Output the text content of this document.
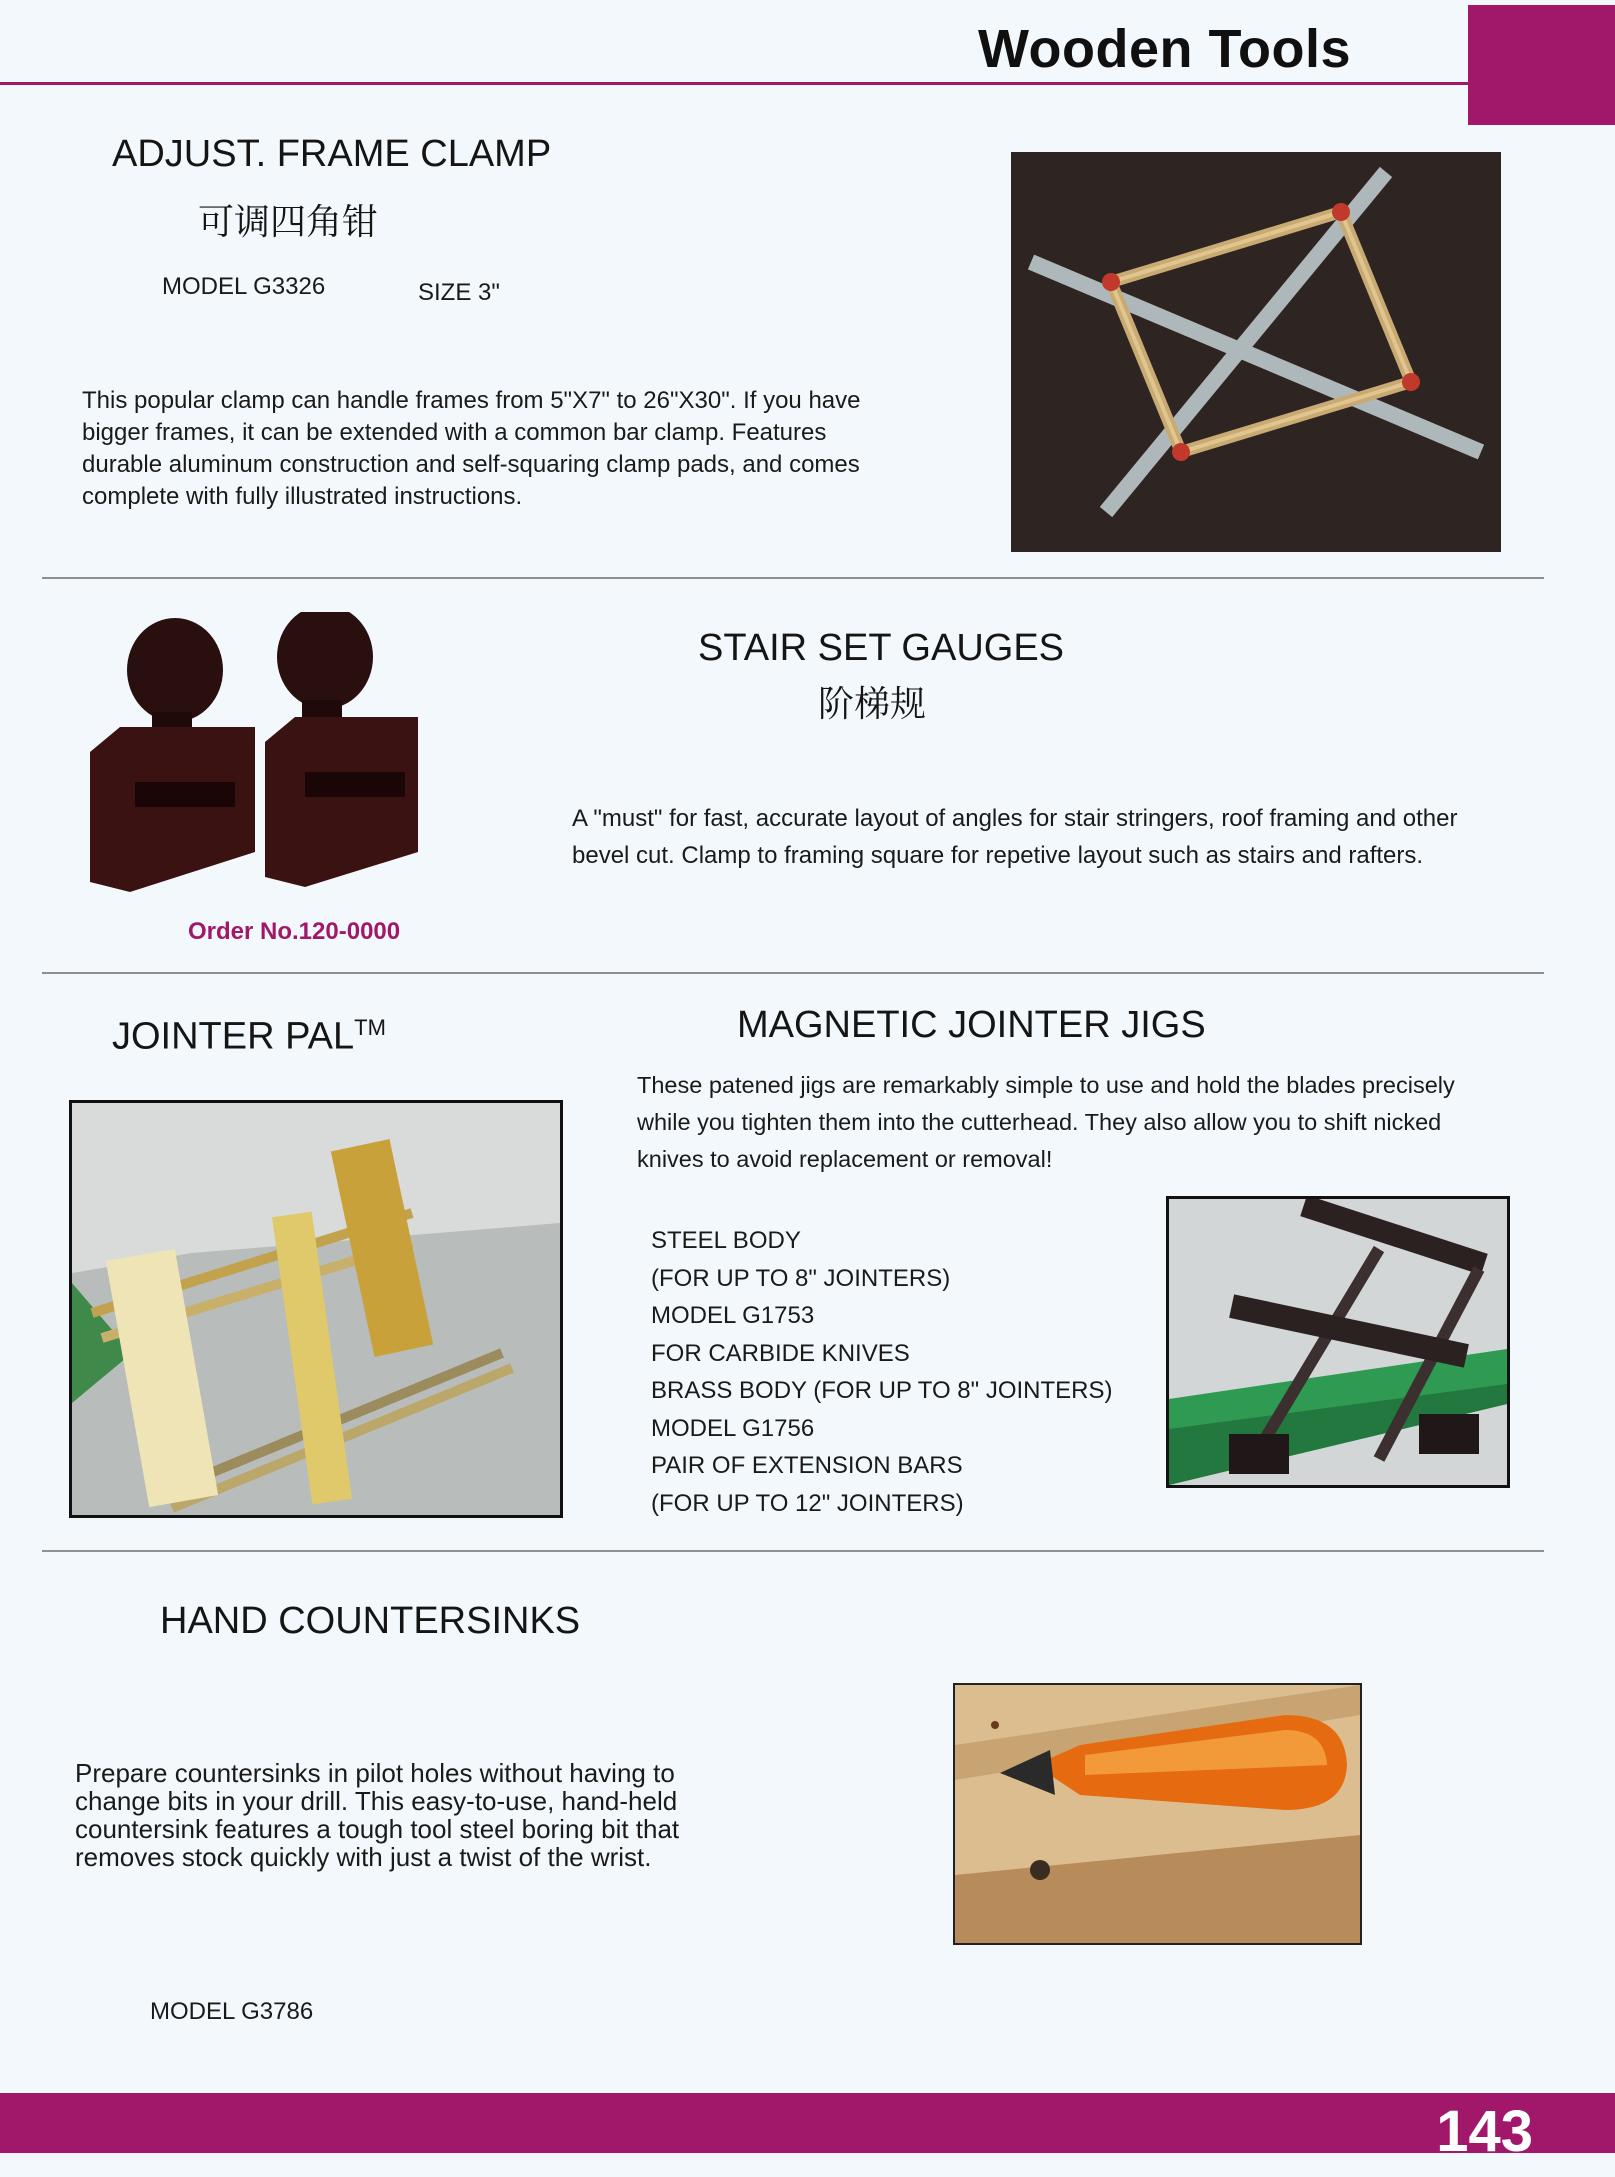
Wooden Tools
ADJUST. FRAME CLAMP
可调四角钳
MODEL G3326	SIZE 3"
This popular clamp can handle frames from 5"X7" to 26"X30". If you have bigger frames, it can be extended with a common bar clamp. Features durable aluminum construction and self-squaring clamp pads, and comes complete with fully illustrated instructions.
STAIR SET GAUGES
阶梯规
A "must" for fast, accurate layout of angles for stair stringers, roof framing and other bevel cut. Clamp to framing square for repetive layout such as stairs and rafters.
Order No.120-0000
JOINTER PAL™	MAGNETIC JOINTER JIGS
These patened jigs are remarkably simple to use and hold the blades precisely while you tighten them into the cutterhead. They also allow you to shift nicked knives to avoid replacement or removal!
STEEL BODY
(FOR UP TO 8" JOINTERS)
MODEL G1753
FOR CARBIDE KNIVES
BRASS BODY (FOR UP TO 8" JOINTERS)
MODEL G1756
PAIR OF EXTENSION BARS
(FOR UP TO 12" JOINTERS)
HAND COUNTERSINKS
Prepare countersinks in pilot holes without having to change bits in your drill. This easy-to-use, hand-held countersink features a tough tool steel boring bit that removes stock quickly with just a twist of the wrist.
MODEL G3786
143
